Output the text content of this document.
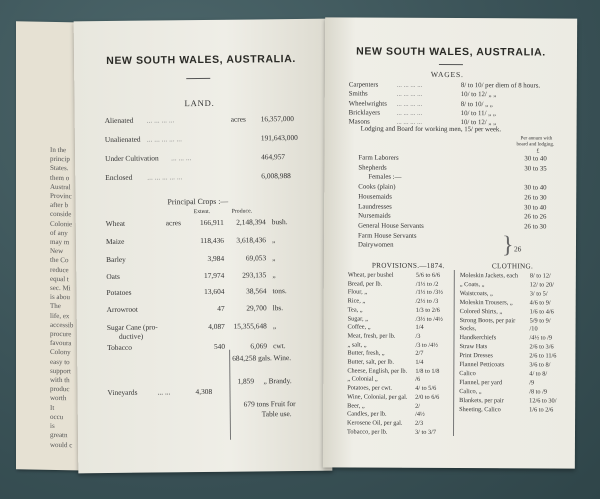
In the
princip
States.
them o
Austral
Provinc
after b
conside
Colonie
of any
may m
New
the Co
reduce
equal t
sec. Mi
is abou
The
life, ex
accessib
procure
favoura
Colony
easy to
support
with th
produc
worth
It
occu
is
greatn
would c
NEW SOUTH WALES, AUSTRALIA.
LAND.
Alienated ... ... ... ...	acres 16,357,000
Unalienated ... ... ... ... ...	191,643,000
Under Cultivation ... ... ...	464,957
Enclosed ... ... ... ... ...	6,008,988
Principal Crops :—
Extent.	Produce.
Wheat	acres	166,911	2,148,394 bush.
Maize	118,436	3,618,436 „
Barley	3,984	69,053 „
Oats	17,974	293,135 „
Potatoes	13,604	38,564 tons.
Arrowroot	47	29,700 lbs.
Sugar Cane (pro-
ductive)
4,087	15,355,648 „
Tobacco	540	6,069 cwt.
Vineyards	... ...	4,308
684,258 gals. Wine.
1,859 „ Brandy.
679 tons Fruit for
Table use.
NEW SOUTH WALES, AUSTRALIA.
WAGES.
Carpenters	... ... ... ...	8/ to 10/ per diem of 8 hours.
Smiths	... ... ... ...	10/ to 12/ „ „
Wheelwrights ... ... ... ...	8/ to 10/ „ „
Bricklayers ... ... ... ...	10/ to 11/ „ „
Masons	... ... ... ...	10/ to 12/ „ „
Lodging and Board for working men, 15/ per week.
Per annum with
board and lodging.
£
Farm Laborers	30 to 40
Shepherds	30 to 35
Females :—
Cooks (plain)	30 to 40
Housemaids	26 to 30
Laundresses	30 to 40
Nursemaids	26 to 26
General House Servants	26 to 30
Farm House Servants
Dairywomen	} 26
PROVISIONS.—1874.	CLOTHING.
Wheat, per bushel	5/6 to 6/6
Bread, per lb.	/1½ to /2
Flour, „	/1½ to /3½
Rice, „	/2½ to /3
Tea, „	1/3 to 2/6
Sugar, „	/3½ to /4½
Coffee, „	1/4
Meat, fresh, per lb.	/3
„ salt, „	/3 to /4½
Butter, fresh, „	2/7
Butter, salt, per lb.	1/4
Cheese, English, per lb. 1/8 to 1/8
„ Colonial „	/6
Potatoes, per cwt.	4/ to 5/6
Wine, Colonial, per gal. 2/0 to 6/6
Beer, „	2/
Candles, per lb.	/4½
Kerosene Oil, per gal. 2/3
Tobacco, per lb.	3/ to 3/7
Moleskin Jackets, each 8/ to 12/
„ Coats, „	12/ to 20/
Waistcoats, „	3/ to 5/
Moleskin Trousers, „	4/6 to 9/
Colored Shirts, „	1/6 to 4/6
Strong Boots, per pair 5/9 to 9/
Socks,	/10
Handkerchiefs	/4½ to /9
Straw Hats	2/6 to 3/6
Print Dresses	2/6 to 11/6
Flannel Petticoats	3/6 to 8/
Calico	4/ to 8/
Flannel, per yard	/9
Calico, „	/8 to /9
Blankets, per pair	12/6 to 30/
Sheeting, Calico	1/6 to 2/6
